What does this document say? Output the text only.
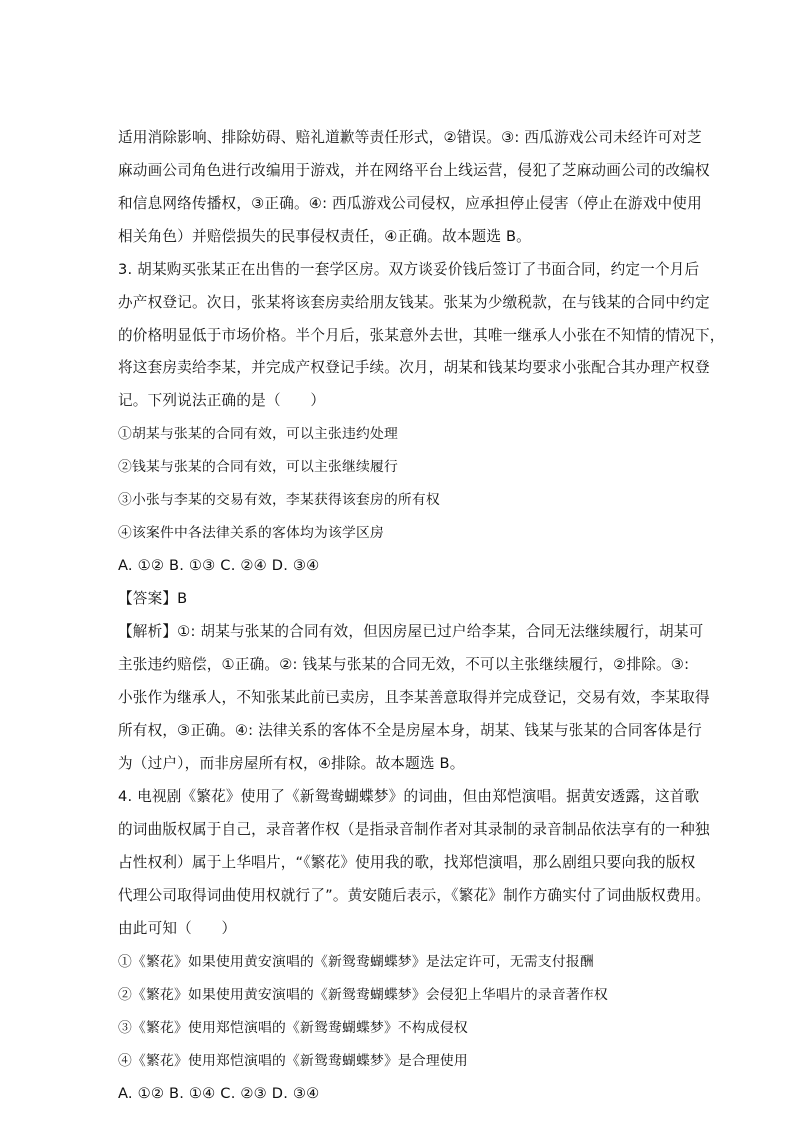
适用消除影响、排除妨碍、赔礼道歉等责任形式，②错误。③: 西瓜游戏公司未经许可对芝
麻动画公司角色进行改编用于游戏，并在网络平台上线运营，侵犯了芝麻动画公司的改编权
和信息网络传播权，③正确。④: 西瓜游戏公司侵权，应承担停止侵害（停止在游戏中使用
相关角色）并赔偿损失的民事侵权责任，④正确。故本题选 B。
3. 胡某购买张某正在出售的一套学区房。双方谈妥价钱后签订了书面合同，约定一个月后
办产权登记。次日，张某将该套房卖给朋友钱某。张某为少缴税款，在与钱某的合同中约定
的价格明显低于市场价格。半个月后，张某意外去世，其唯一继承人小张在不知情的情况下，
将这套房卖给李某，并完成产权登记手续。次月，胡某和钱某均要求小张配合其办理产权登
记。下列说法正确的是（　　）
①胡某与张某的合同有效，可以主张违约处理
②钱某与张某的合同有效，可以主张继续履行
③小张与李某的交易有效，李某获得该套房的所有权
④该案件中各法律关系的客体均为该学区房
A. ①② B. ①③ C. ②④ D. ③④
【答案】B
【解析】①: 胡某与张某的合同有效，但因房屋已过户给李某，合同无法继续履行，胡某可
主张违约赔偿，①正确。②: 钱某与张某的合同无效，不可以主张继续履行，②排除。③:
小张作为继承人，不知张某此前已卖房，且李某善意取得并完成登记，交易有效，李某取得
所有权，③正确。④: 法律关系的客体不全是房屋本身，胡某、钱某与张某的合同客体是行
为（过户），而非房屋所有权，④排除。故本题选 B。
4. 电视剧《繁花》使用了《新鸳鸯蝴蝶梦》的词曲，但由郑恺演唱。据黄安透露，这首歌
的词曲版权属于自己，录音著作权（是指录音制作者对其录制的录音制品依法享有的一种独
占性权利）属于上华唱片，“《繁花》使用我的歌，找郑恺演唱，那么剧组只要向我的版权
代理公司取得词曲使用权就行了”。黄安随后表示，《繁花》制作方确实付了词曲版权费用。
由此可知（　　）
①《繁花》如果使用黄安演唱的《新鸳鸯蝴蝶梦》是法定许可，无需支付报酬
②《繁花》如果使用黄安演唱的《新鸳鸯蝴蝶梦》会侵犯上华唱片的录音著作权
③《繁花》使用郑恺演唱的《新鸳鸯蝴蝶梦》不构成侵权
④《繁花》使用郑恺演唱的《新鸳鸯蝴蝶梦》是合理使用
A. ①② B. ①④ C. ②③ D. ③④
